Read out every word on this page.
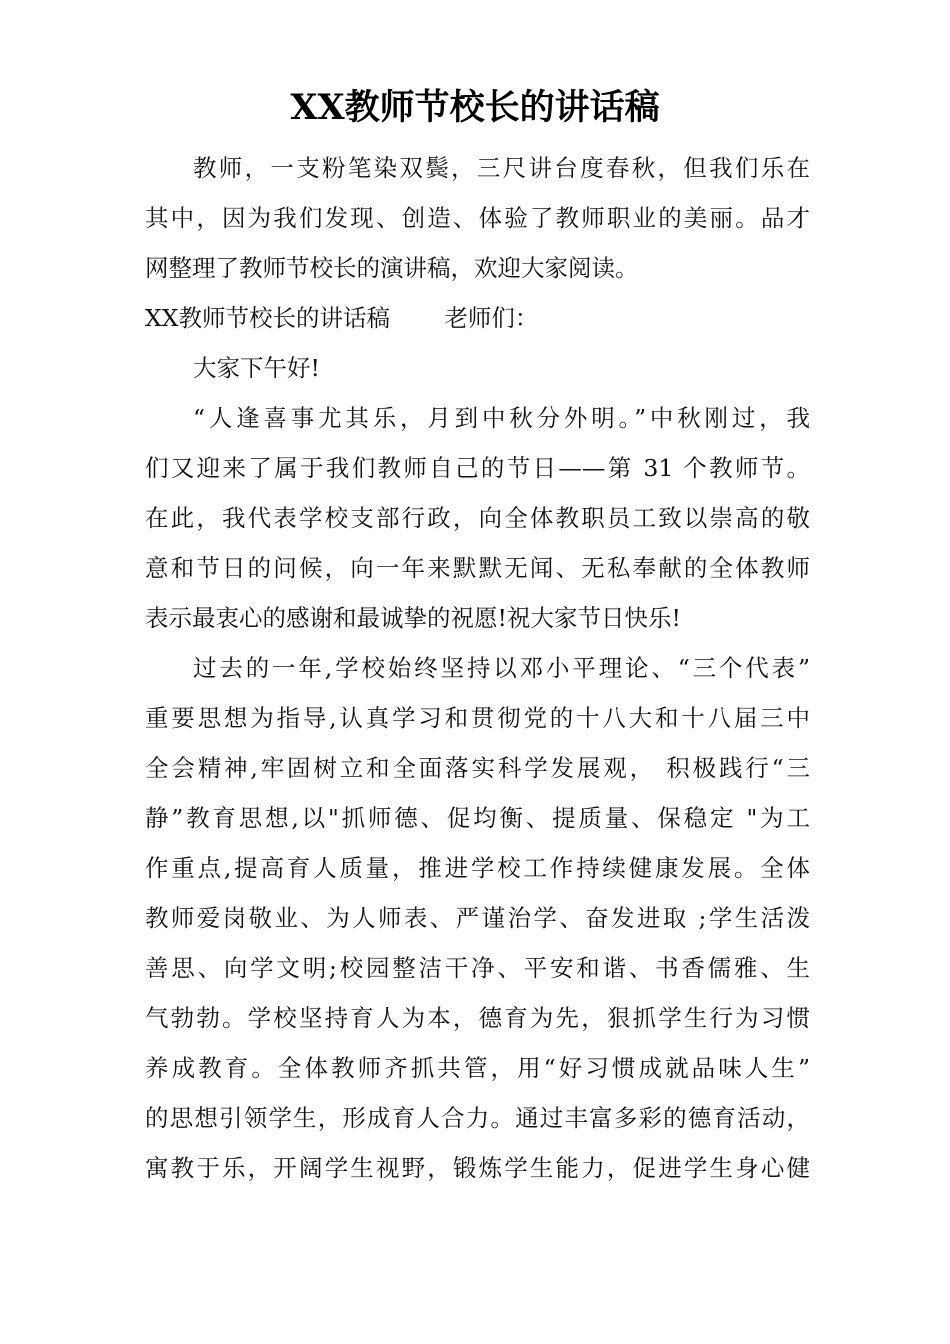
XX教师节校长的讲话稿
教师，一支粉笔染双鬓，三尺讲台度春秋，但我们乐在
其中，因为我们发现、创造、体验了教师职业的美丽。品才
网整理了教师节校长的演讲稿，欢迎大家阅读。
XX教师节校长的讲话稿　　 老师们：
大家下午好!
“人逢喜事尤其乐，月到中秋分外明。”中秋刚过，我
们又迎来了属于我们教师自己的节日——第 31 个教师节。
在此，我代表学校支部行政，向全体教职员工致以崇高的敬
意和节日的问候，向一年来默默无闻、无私奉献的全体教师
表示最衷心的感谢和最诚挚的祝愿!祝大家节日快乐!
过去的一年,学校始终坚持以邓小平理论、“三个代表”
重要思想为指导,认真学习和贯彻党的十八大和十八届三中
全会精神,牢固树立和全面落实科学发展观， 积极践行“三
静”教育思想,以"抓师德、促均衡、提质量、保稳定 "为工
作重点,提高育人质量，推进学校工作持续健康发展。全体
教师爱岗敬业、为人师表、严谨治学、奋发进取 ;学生活泼
善思、向学文明;校园整洁干净、平安和谐、书香儒雅、生
气勃勃。学校坚持育人为本，德育为先，狠抓学生行为习惯
养成教育。全体教师齐抓共管，用“好习惯成就品味人生”
的思想引领学生，形成育人合力。通过丰富多彩的德育活动，
寓教于乐，开阔学生视野，锻炼学生能力，促进学生身心健
